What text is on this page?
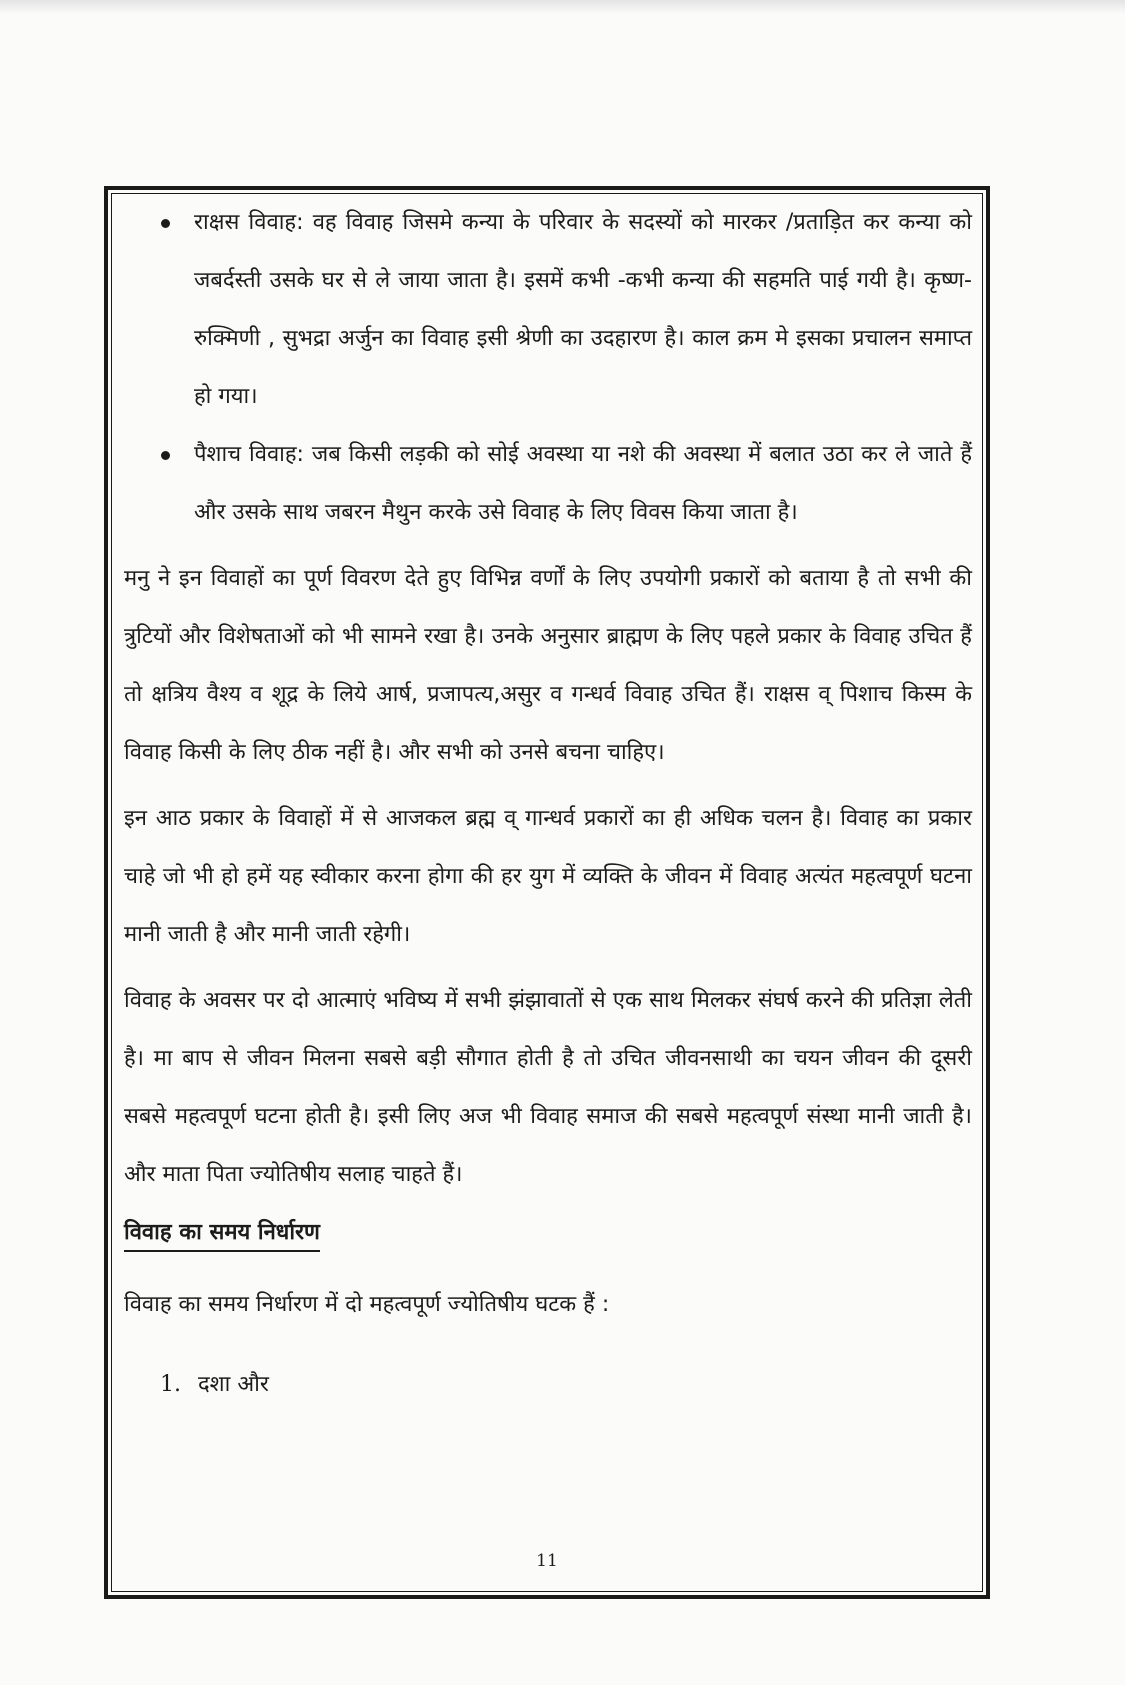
राक्षस विवाह: वह विवाह जिसमे कन्या के परिवार के सदस्यों को मारकर /प्रताड़ित कर कन्या को जबर्दस्ती उसके घर से ले जाया जाता है। इसमें कभी -कभी कन्या की सहमति पाई गयी है। कृष्ण-रुक्मिणी , सुभद्रा अर्जुन का विवाह इसी श्रेणी का उदहारण है। काल क्रम मे इसका प्रचालन समाप्त हो गया।
पैशाच विवाह: जब किसी लड़की को सोई अवस्था या नशे की अवस्था में बलात उठा कर ले जाते हैं और उसके साथ जबरन मैथुन करके उसे विवाह के लिए विवस किया जाता है।

मनु ने इन विवाहों का पूर्ण विवरण देते हुए विभिन्न वर्णों के लिए उपयोगी प्रकारों को बताया है तो सभी की त्रुटियों और विशेषताओं को भी सामने रखा है। उनके अनुसार ब्राह्मण के लिए पहले प्रकार के विवाह उचित हैं तो क्षत्रिय वैश्य व शूद्र के लिये आर्ष, प्रजापत्य,असुर व गन्धर्व विवाह उचित हैं। राक्षस व् पिशाच किस्म के विवाह किसी के लिए ठीक नहीं है। और सभी को उनसे बचना चाहिए।

इन आठ प्रकार के विवाहों में से आजकल ब्रह्म व् गान्धर्व प्रकारों का ही अधिक चलन है। विवाह का प्रकार चाहे जो भी हो हमें यह स्वीकार करना होगा की हर युग में व्यक्ति के जीवन में विवाह अत्यंत महत्वपूर्ण घटना मानी जाती है और मानी जाती रहेगी।

विवाह के अवसर पर दो आत्माएं भविष्य में सभी झंझावातों से एक साथ मिलकर संघर्ष करने की प्रतिज्ञा लेती है। मा बाप से जीवन मिलना सबसे बड़ी सौगात होती है तो उचित जीवनसाथी का चयन जीवन की दूसरी सबसे महत्वपूर्ण घटना होती है। इसी लिए अज भी विवाह समाज की सबसे महत्वपूर्ण संस्था मानी जाती है। और माता पिता ज्योतिषीय सलाह चाहते हैं।

विवाह का समय निर्धारण

विवाह का समय निर्धारण में दो महत्वपूर्ण ज्योतिषीय घटक हैं :

1. दशा और
11
